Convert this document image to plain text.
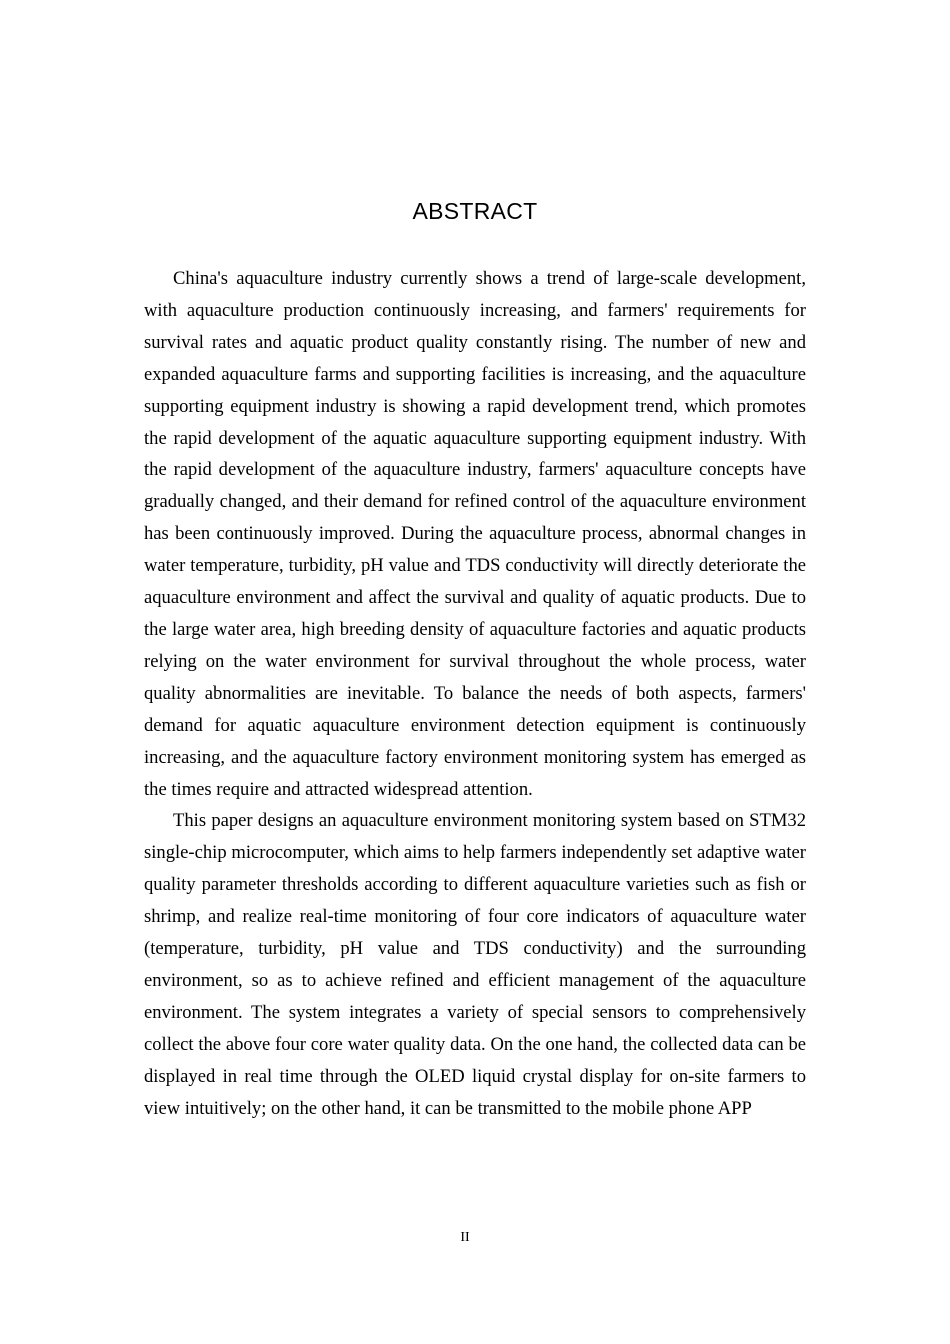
ABSTRACT

China's aquaculture industry currently shows a trend of large-scale development, with aquaculture production continuously increasing, and farmers' requirements for survival rates and aquatic product quality constantly rising. The number of new and expanded aquaculture farms and supporting facilities is increasing, and the aquaculture supporting equipment industry is showing a rapid development trend, which promotes the rapid development of the aquatic aquaculture supporting equipment industry. With the rapid development of the aquaculture industry, farmers' aquaculture concepts have gradually changed, and their demand for refined control of the aquaculture environment has been continuously improved. During the aquaculture process, abnormal changes in water temperature, turbidity, pH value and TDS conductivity will directly deteriorate the aquaculture environment and affect the survival and quality of aquatic products. Due to the large water area, high breeding density of aquaculture factories and aquatic products relying on the water environment for survival throughout the whole process, water quality abnormalities are inevitable. To balance the needs of both aspects, farmers' demand for aquatic aquaculture environment detection equipment is continuously increasing, and the aquaculture factory environment monitoring system has emerged as the times require and attracted widespread attention.

This paper designs an aquaculture environment monitoring system based on STM32 single-chip microcomputer, which aims to help farmers independently set adaptive water quality parameter thresholds according to different aquaculture varieties such as fish or shrimp, and realize real-time monitoring of four core indicators of aquaculture water (temperature, turbidity, pH value and TDS conductivity) and the surrounding environment, so as to achieve refined and efficient management of the aquaculture environment. The system integrates a variety of special sensors to comprehensively collect the above four core water quality data. On the one hand, the collected data can be displayed in real time through the OLED liquid crystal display for on-site farmers to view intuitively; on the other hand, it can be transmitted to the mobile phone APP

II
